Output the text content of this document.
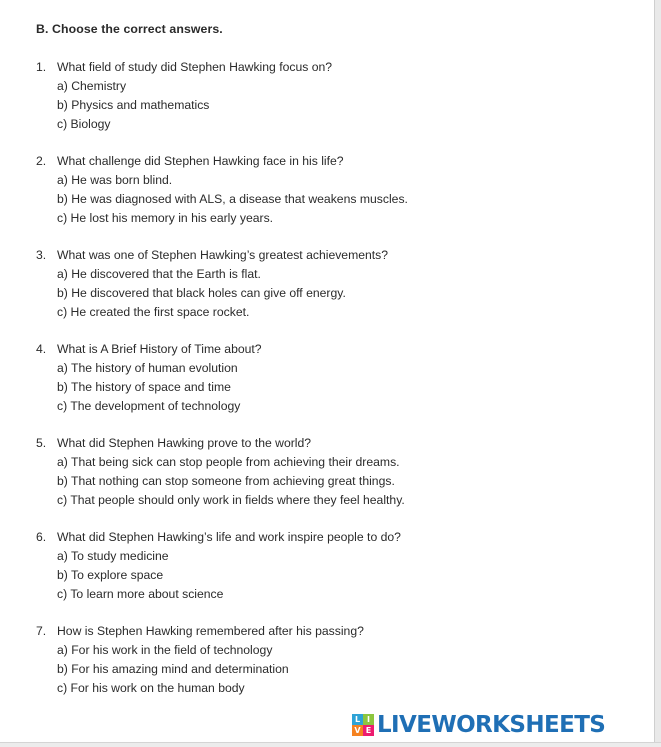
B. Choose the correct answers.
1. What field of study did Stephen Hawking focus on?
a) Chemistry
b) Physics and mathematics
c) Biology
2. What challenge did Stephen Hawking face in his life?
a) He was born blind.
b) He was diagnosed with ALS, a disease that weakens muscles.
c) He lost his memory in his early years.
3. What was one of Stephen Hawking’s greatest achievements?
a) He discovered that the Earth is flat.
b) He discovered that black holes can give off energy.
c) He created the first space rocket.
4. What is A Brief History of Time about?
a) The history of human evolution
b) The history of space and time
c) The development of technology
5. What did Stephen Hawking prove to the world?
a) That being sick can stop people from achieving their dreams.
b) That nothing can stop someone from achieving great things.
c) That people should only work in fields where they feel healthy.
6. What did Stephen Hawking’s life and work inspire people to do?
a) To study medicine
b) To explore space
c) To learn more about science
7. How is Stephen Hawking remembered after his passing?
a) For his work in the field of technology
b) For his amazing mind and determination
c) For his work on the human body
L I
V E LIVEWORKSHEETS
